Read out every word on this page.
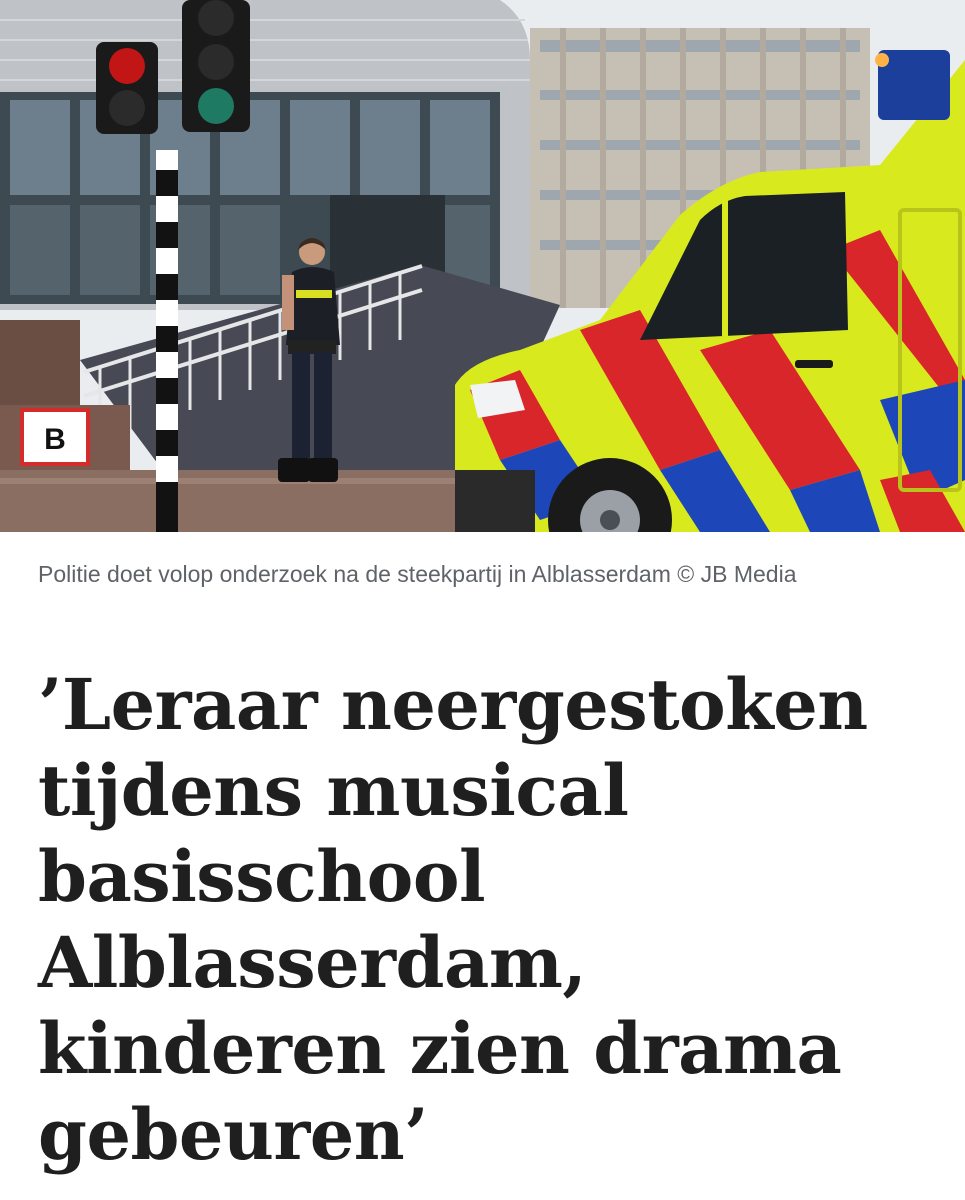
B
Politie doet volop onderzoek na de steekpartij in Alblasserdam © JB Media
’Leraar neergestoken tijdens musical basisschool Alblasserdam, kinderen zien drama gebeuren’
